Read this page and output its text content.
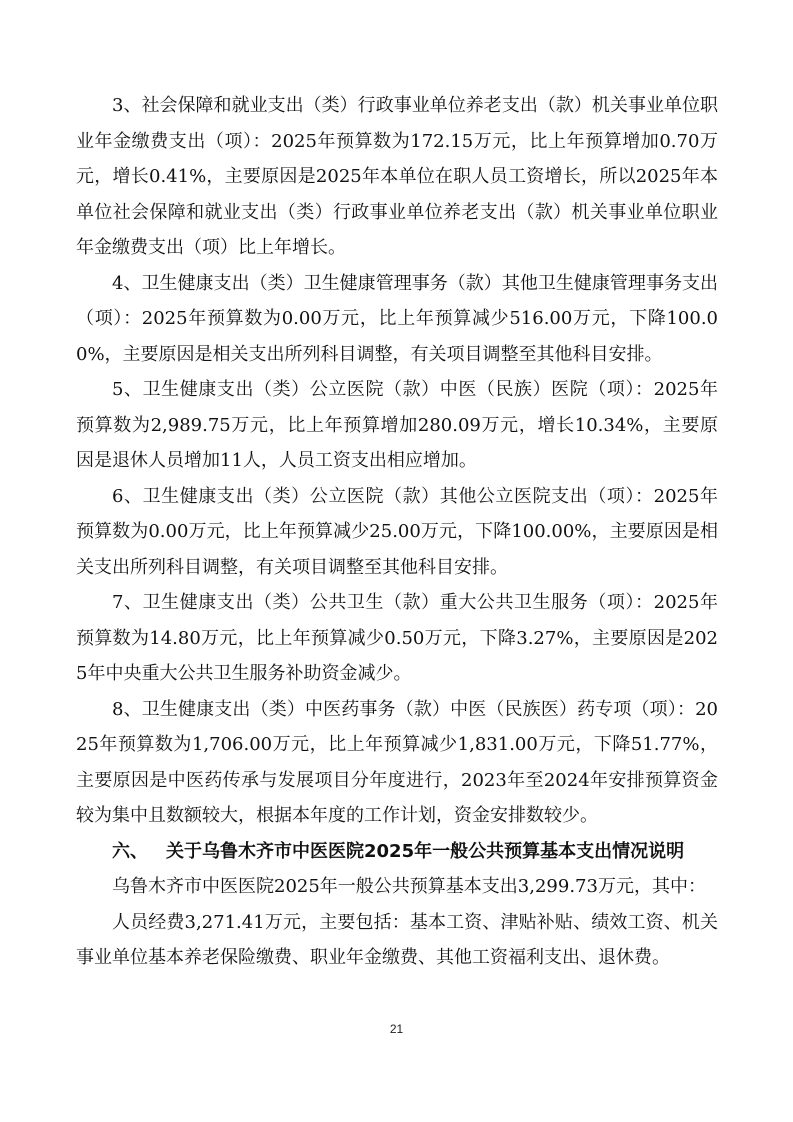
3、社会保障和就业支出（类）行政事业单位养老支出（款）机关事业单位职业年金缴费支出（项）：2025年预算数为172.15万元，比上年预算增加0.70万元，增长0.41%，主要原因是2025年本单位在职人员工资增长，所以2025年本单位社会保障和就业支出（类）行政事业单位养老支出（款）机关事业单位职业年金缴费支出（项）比上年增长。

4、卫生健康支出（类）卫生健康管理事务（款）其他卫生健康管理事务支出（项）：2025年预算数为0.00万元，比上年预算减少516.00万元，下降100.00%，主要原因是相关支出所列科目调整，有关项目调整至其他科目安排。

5、卫生健康支出（类）公立医院（款）中医（民族）医院（项）：2025年预算数为2,989.75万元，比上年预算增加280.09万元，增长10.34%，主要原因是退休人员增加11人，人员工资支出相应增加。

6、卫生健康支出（类）公立医院（款）其他公立医院支出（项）：2025年预算数为0.00万元，比上年预算减少25.00万元，下降100.00%，主要原因是相关支出所列科目调整，有关项目调整至其他科目安排。

7、卫生健康支出（类）公共卫生（款）重大公共卫生服务（项）：2025年预算数为14.80万元，比上年预算减少0.50万元，下降3.27%，主要原因是2025年中央重大公共卫生服务补助资金减少。

8、卫生健康支出（类）中医药事务（款）中医（民族医）药专项（项）：2025年预算数为1,706.00万元，比上年预算减少1,831.00万元，下降51.77%，主要原因是中医药传承与发展项目分年度进行，2023年至2024年安排预算资金较为集中且数额较大，根据本年度的工作计划，资金安排数较少。

六、 关于乌鲁木齐市中医医院2025年一般公共预算基本支出情况说明

乌鲁木齐市中医医院2025年一般公共预算基本支出3,299.73万元，其中：

人员经费3,271.41万元，主要包括：基本工资、津贴补贴、绩效工资、机关事业单位基本养老保险缴费、职业年金缴费、其他工资福利支出、退休费。

21
